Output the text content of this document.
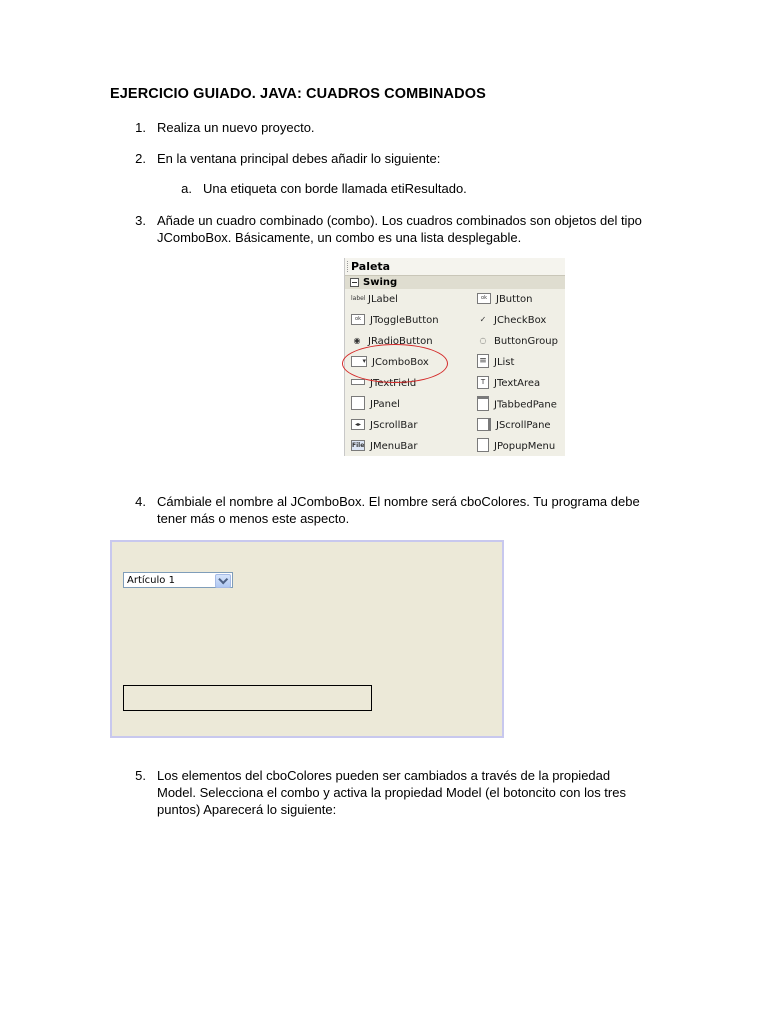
EJERCICIO GUIADO. JAVA: CUADROS COMBINADOS
1. Realiza un nuevo proyecto.
2. En la ventana principal debes añadir lo siguiente:
a. Una etiqueta con borde llamada etiResultado.
3. Añade un cuadro combinado (combo). Los cuadros combinados son objetos del tipo
JComboBox. Básicamente, un combo es una lista desplegable.
Paleta
Swing
label JLabel	ok JButton
ok JToggleButton	✓ JCheckBox
◉ JRadioButton	◌ ButtonGroup
▾ JComboBox	≡ JList
JTextField	T JTextArea
JPanel	JTabbedPane
◂▸ JScrollBar	JScrollPane
File JMenuBar	JPopupMenu
4. Cámbiale el nombre al JComboBox. El nombre será cboColores. Tu programa debe
tener más o menos este aspecto.
Artículo 1
5. Los elementos del cboColores pueden ser cambiados a través de la propiedad
Model. Selecciona el combo y activa la propiedad Model (el botoncito con los tres
puntos) Aparecerá lo siguiente:
